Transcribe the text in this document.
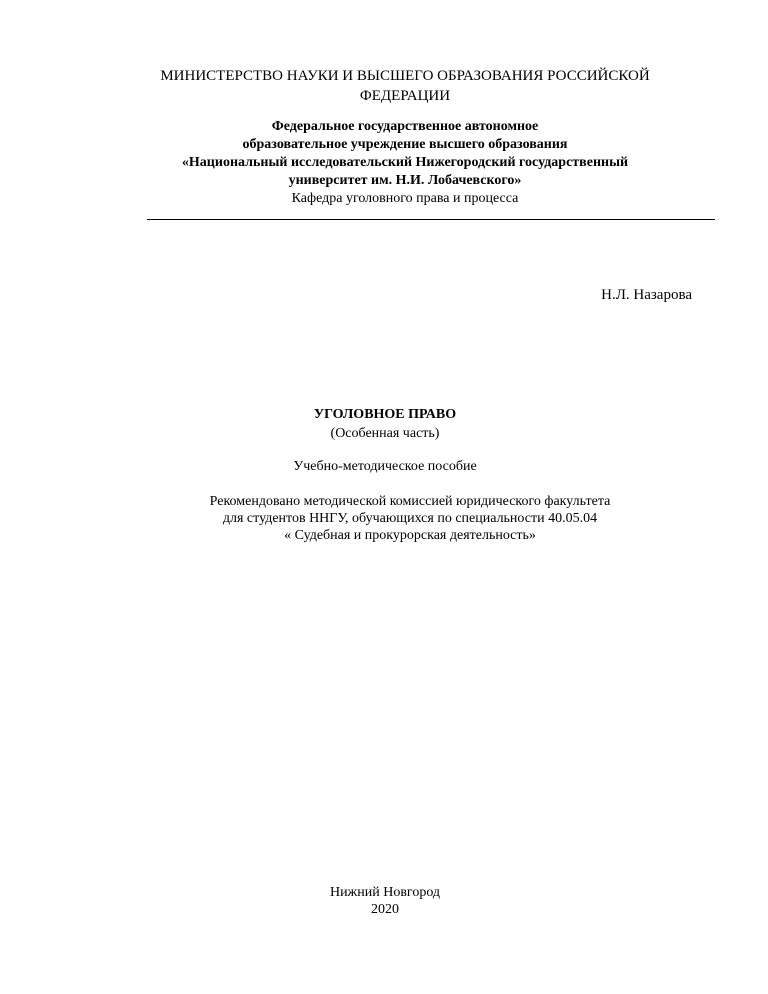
МИНИСТЕРСТВО НАУКИ И ВЫСШЕГО ОБРАЗОВАНИЯ РОССИЙСКОЙ
ФЕДЕРАЦИИ
Федеральное государственное автономное
образовательное учреждение высшего образования
«Национальный исследовательский Нижегородский государственный
университет им. Н.И. Лобачевского»
Кафедра уголовного права и процесса
Н.Л. Назарова
УГОЛОВНОЕ ПРАВО
(Особенная часть)
Учебно-методическое пособие
Рекомендовано методической комиссией юридического факультета
для студентов ННГУ, обучающихся по специальности 40.05.04
« Судебная и прокурорская деятельность»
Нижний Новгород
2020
